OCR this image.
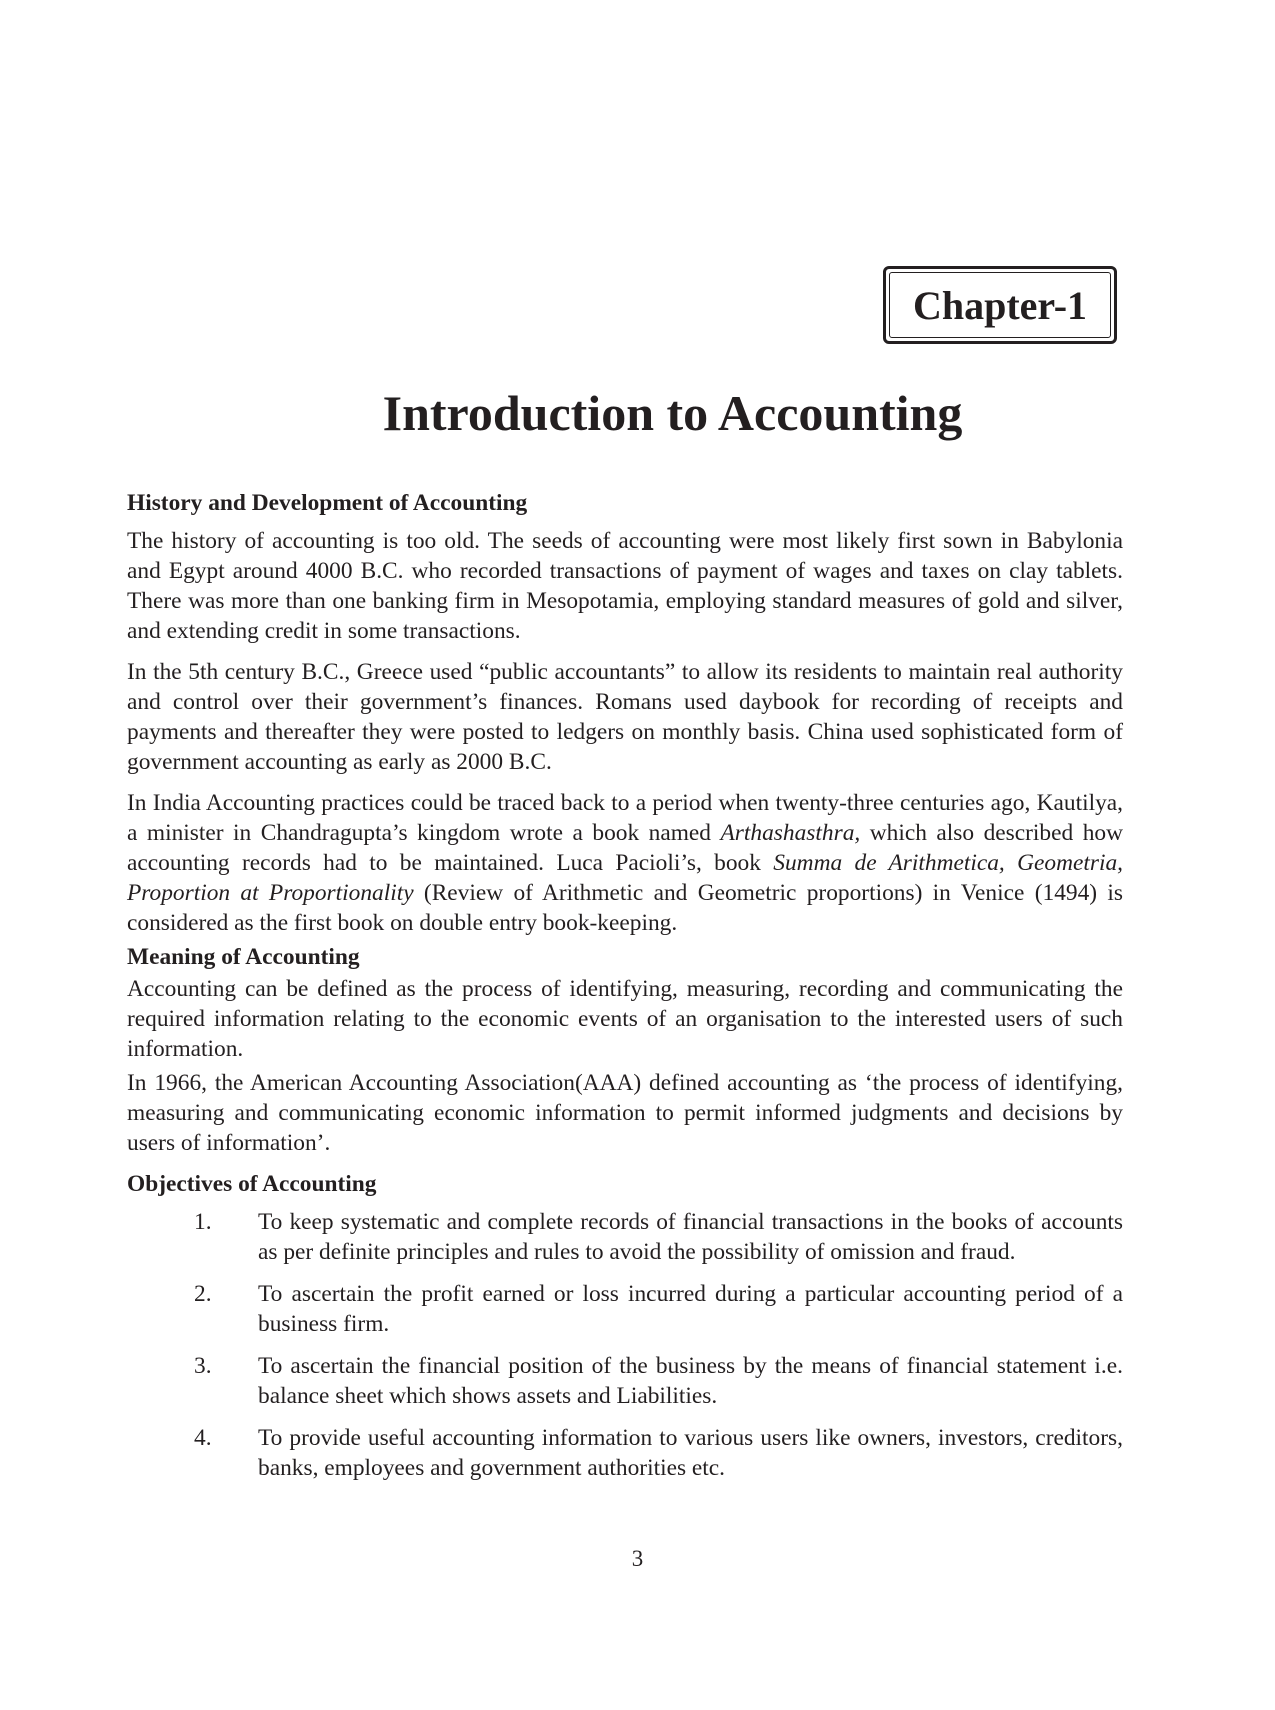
Chapter-1
Introduction to Accounting
History and Development of Accounting

The history of accounting is too old. The seeds of accounting were most likely first sown in Babylonia and Egypt around 4000 B.C. who recorded transactions of payment of wages and taxes on clay tablets. There was more than one banking firm in Mesopotamia, employing standard measures of gold and silver, and extending credit in some transactions.

In the 5th century B.C., Greece used “public accountants” to allow its residents to maintain real authority and control over their government’s finances. Romans used daybook for recording of receipts and payments and thereafter they were posted to ledgers on monthly basis. China used sophisticated form of government accounting as early as 2000 B.C.

In India Accounting practices could be traced back to a period when twenty-three centuries ago, Kautilya, a minister in Chandragupta’s kingdom wrote a book named Arthashasthra, which also described how accounting records had to be maintained. Luca Pacioli’s, book Summa de Arithmetica, Geometria, Proportion at Proportionality (Review of Arithmetic and Geometric proportions) in Venice (1494) is considered as the first book on double entry book-keeping.

Meaning of Accounting

Accounting can be defined as the process of identifying, measuring, recording and communicating the required information relating to the economic events of an organisation to the interested users of such information.

In 1966, the American Accounting Association(AAA) defined accounting as ‘the process of identifying, measuring and communicating economic information to permit informed judgments and decisions by users of information’.

Objectives of Accounting
1. To keep systematic and complete records of financial transactions in the books of accounts as per definite principles and rules to avoid the possibility of omission and fraud.
2. To ascertain the profit earned or loss incurred during a particular accounting period of a business firm.
3. To ascertain the financial position of the business by the means of financial statement i.e. balance sheet which shows assets and Liabilities.
4. To provide useful accounting information to various users like owners, investors, creditors, banks, employees and government authorities etc.
3
